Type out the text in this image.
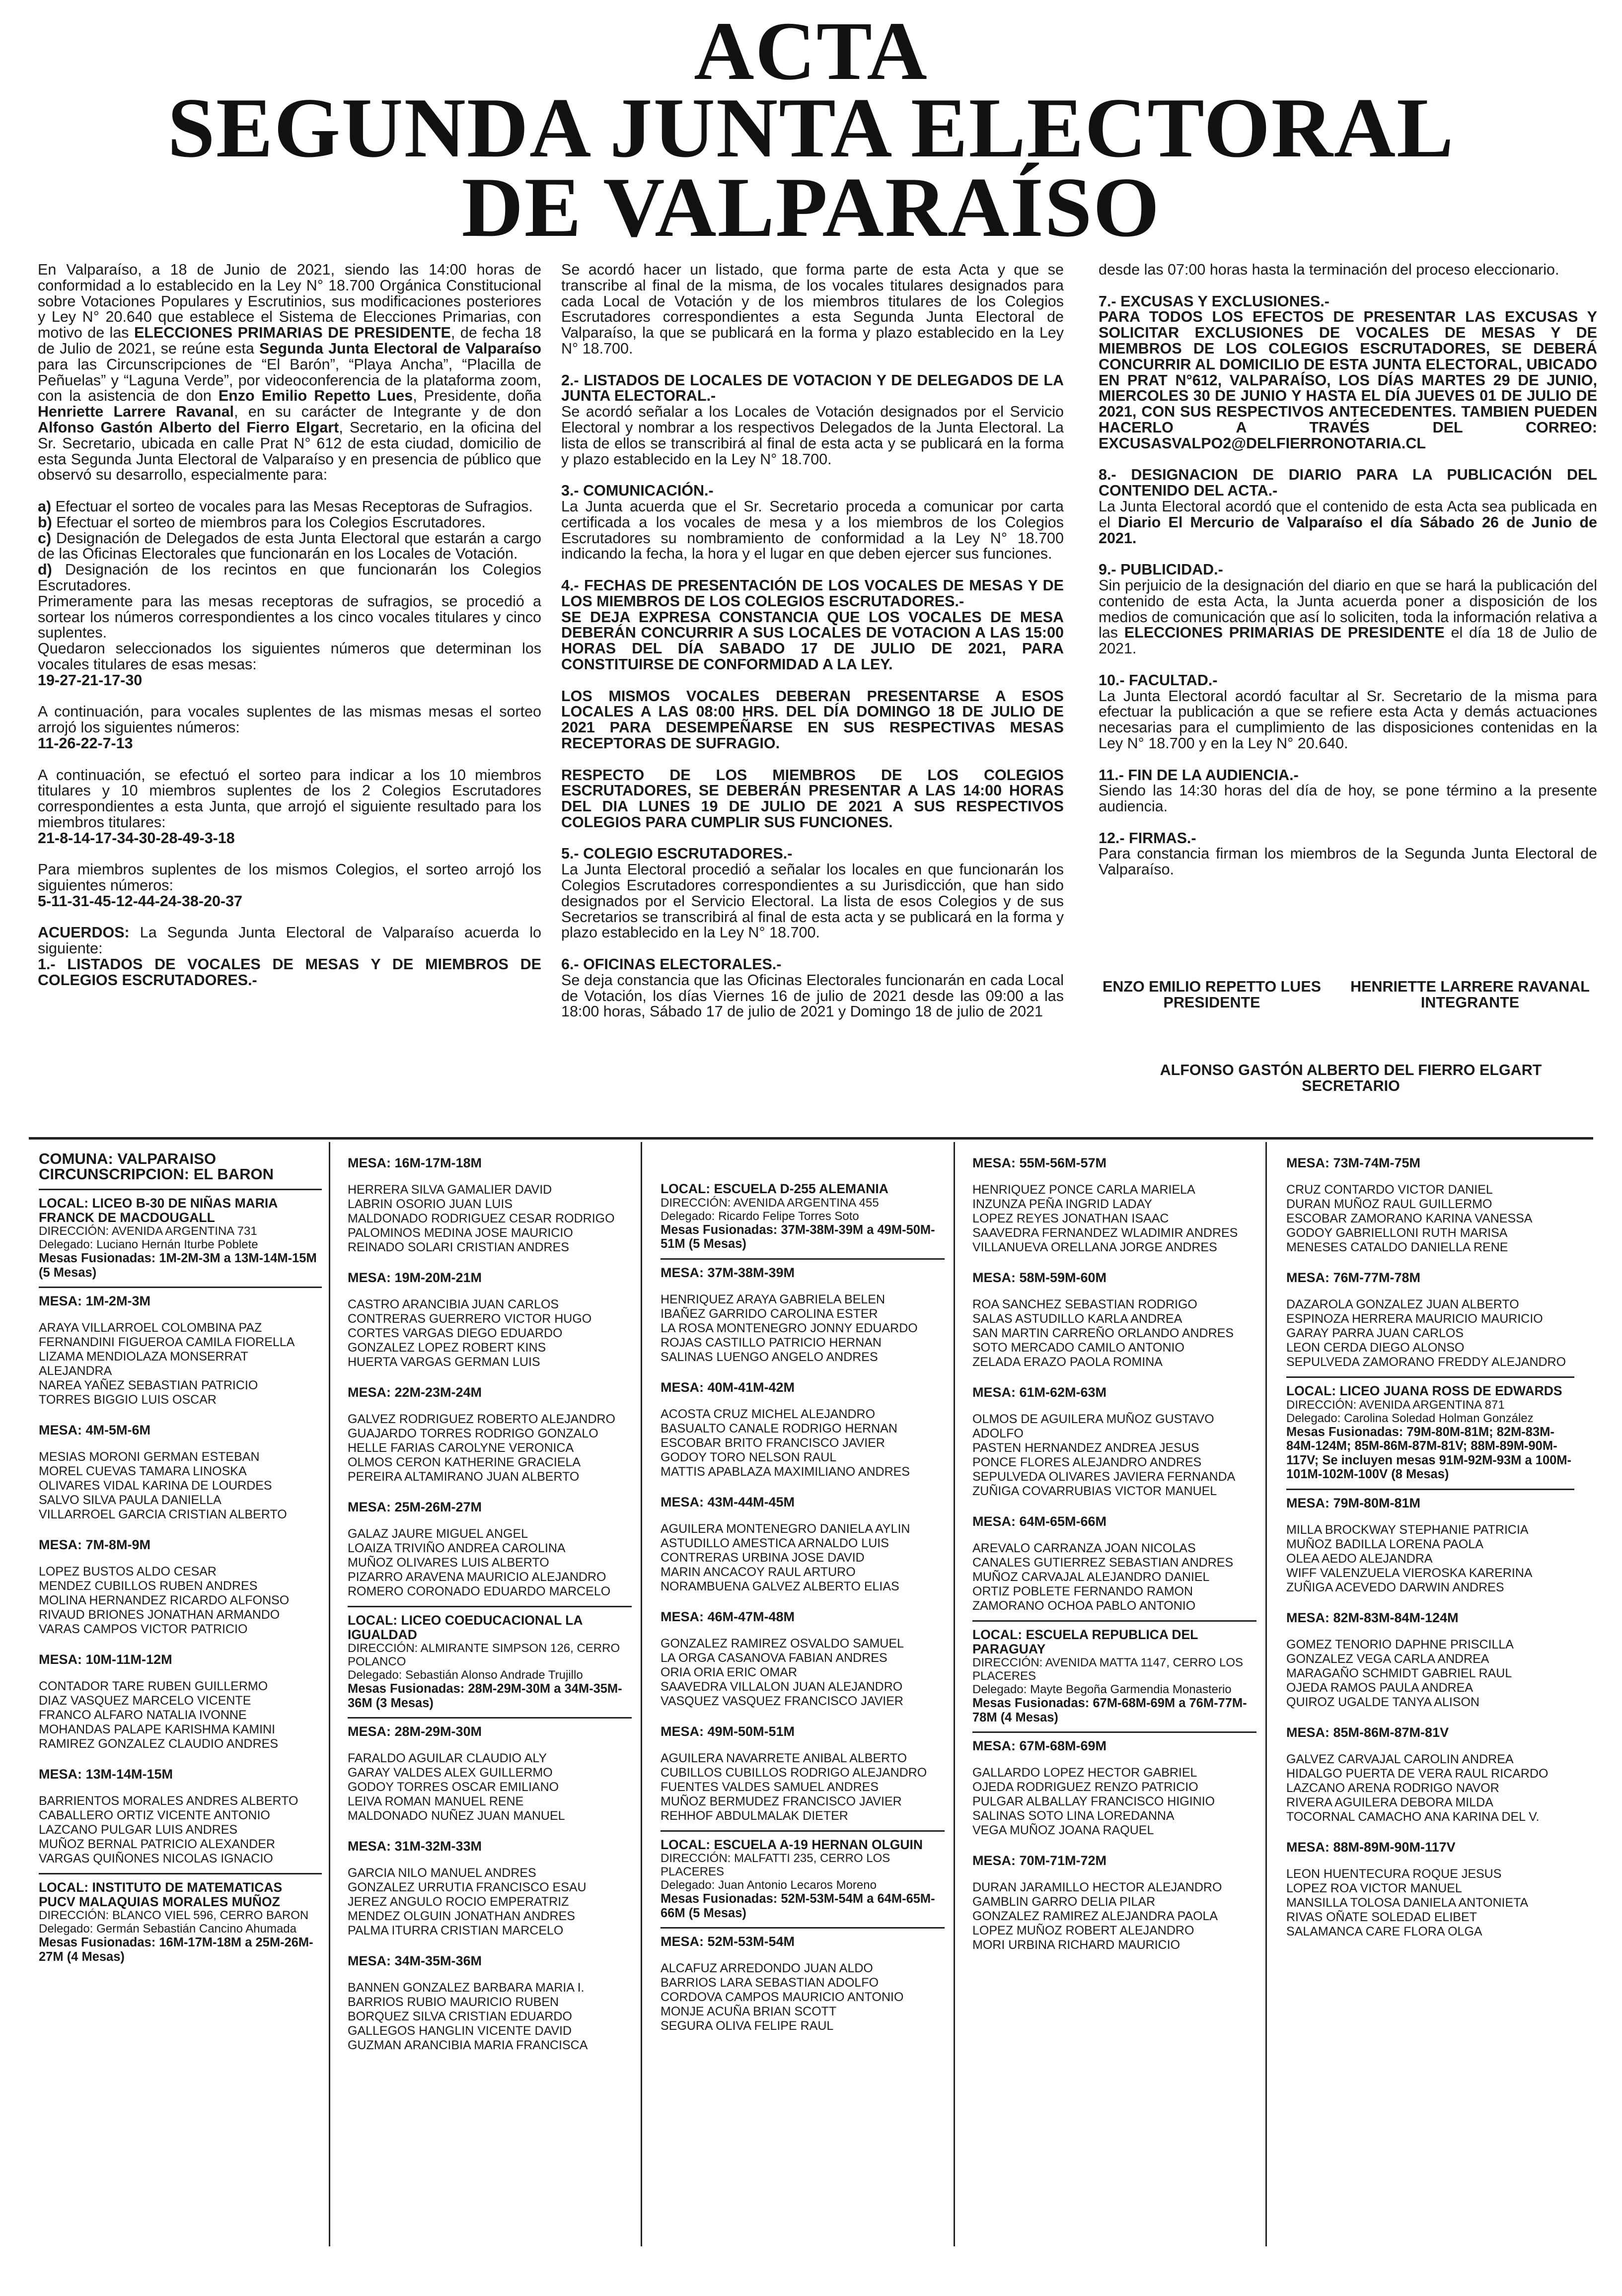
ACTA
SEGUNDA JUNTA ELECTORAL
DE VALPARAÍSO
En Valparaíso, a 18 de Junio de 2021, siendo las 14:00 horas de conformidad a lo establecido en la Ley N° 18.700 Orgánica Constitucional sobre Votaciones Populares y Escrutinios, sus modificaciones posteriores y Ley N° 20.640 que establece el Sistema de Elecciones Primarias, con motivo de las ELECCIONES PRIMARIAS DE PRESIDENTE, de fecha 18 de Julio de 2021, se reúne esta Segunda Junta Electoral de Valparaíso para las Circunscripciones de “El Barón”, “Playa Ancha”, “Placilla de Peñuelas” y “Laguna Verde”, por videoconferencia de la plataforma zoom, con la asistencia de don Enzo Emilio Repetto Lues, Presidente, doña Henriette Larrere Ravanal, en su carácter de Integrante y de don Alfonso Gastón Alberto del Fierro Elgart, Secretario, en la oficina del Sr. Secretario, ubicada en calle Prat N° 612 de esta ciudad, domicilio de esta Segunda Junta Electoral de Valparaíso y en presencia de público que observó su desarrollo, especialmente para:
a) Efectuar el sorteo de vocales para las Mesas Receptoras de Sufragios.
b) Efectuar el sorteo de miembros para los Colegios Escrutadores.
c) Designación de Delegados de esta Junta Electoral que estarán a cargo de las Oficinas Electorales que funcionarán en los Locales de Votación.
d) Designación de los recintos en que funcionarán los Colegios Escrutadores.
Primeramente para las mesas receptoras de sufragios, se procedió a sortear los números correspondientes a los cinco vocales titulares y cinco suplentes.
Quedaron seleccionados los siguientes números que determinan los vocales titulares de esas mesas:
19-27-21-17-30
A continuación, para vocales suplentes de las mismas mesas el sorteo arrojó los siguientes números:
11-26-22-7-13
A continuación, se efectuó el sorteo para indicar a los 10 miembros titulares y 10 miembros suplentes de los 2 Colegios Escrutadores correspondientes a esta Junta, que arrojó el siguiente resultado para los miembros titulares:
21-8-14-17-34-30-28-49-3-18
Para miembros suplentes de los mismos Colegios, el sorteo arrojó los siguientes números:
5-11-31-45-12-44-24-38-20-37
ACUERDOS: La Segunda Junta Electoral de Valparaíso acuerda lo siguiente:
1.- LISTADOS DE VOCALES DE MESAS Y DE MIEMBROS DE COLEGIOS ESCRUTADORES.-
Se acordó hacer un listado, que forma parte de esta Acta y que se transcribe al final de la misma, de los vocales titulares designados para cada Local de Votación y de los miembros titulares de los Colegios Escrutadores correspondientes a esta Segunda Junta Electoral de Valparaíso, la que se publicará en la forma y plazo establecido en la Ley N° 18.700.
2.- LISTADOS DE LOCALES DE VOTACION Y DE DELEGADOS DE LA JUNTA ELECTORAL.-
Se acordó señalar a los Locales de Votación designados por el Servicio Electoral y nombrar a los respectivos Delegados de la Junta Electoral. La lista de ellos se transcribirá al final de esta acta y se publicará en la forma y plazo establecido en la Ley N° 18.700.
3.- COMUNICACIÓN.-
La Junta acuerda que el Sr. Secretario proceda a comunicar por carta certificada a los vocales de mesa y a los miembros de los Colegios Escrutadores su nombramiento de conformidad a la Ley N° 18.700 indicando la fecha, la hora y el lugar en que deben ejercer sus funciones.
4.- FECHAS DE PRESENTACIÓN DE LOS VOCALES DE MESAS Y DE LOS MIEMBROS DE LOS COLEGIOS ESCRUTADORES.-
SE DEJA EXPRESA CONSTANCIA QUE LOS VOCALES DE MESA DEBERÁN CONCURRIR A SUS LOCALES DE VOTACION A LAS 15:00 HORAS DEL DÍA SABADO 17 DE JULIO DE 2021, PARA CONSTITUIRSE DE CONFORMIDAD A LA LEY.
LOS MISMOS VOCALES DEBERAN PRESENTARSE A ESOS LOCALES A LAS 08:00 HRS. DEL DÍA DOMINGO 18 DE JULIO DE 2021 PARA DESEMPEÑARSE EN SUS RESPECTIVAS MESAS RECEPTORAS DE SUFRAGIO.
RESPECTO DE LOS MIEMBROS DE LOS COLEGIOS ESCRUTADORES, SE DEBERÁN PRESENTAR A LAS 14:00 HORAS DEL DIA LUNES 19 DE JULIO DE 2021 A SUS RESPECTIVOS COLEGIOS PARA CUMPLIR SUS FUNCIONES.
5.- COLEGIO ESCRUTADORES.-
La Junta Electoral procedió a señalar los locales en que funcionarán los Colegios Escrutadores correspondientes a su Jurisdicción, que han sido designados por el Servicio Electoral. La lista de esos Colegios y de sus Secretarios se transcribirá al final de esta acta y se publicará en la forma y plazo establecido en la Ley N° 18.700.
6.- OFICINAS ELECTORALES.-
Se deja constancia que las Oficinas Electorales funcionarán en cada Local de Votación, los días Viernes 16 de julio de 2021 desde las 09:00 a las 18:00 horas, Sábado 17 de julio de 2021 y Domingo 18 de julio de 2021
desde las 07:00 horas hasta la terminación del proceso eleccionario.
7.- EXCUSAS Y EXCLUSIONES.-
PARA TODOS LOS EFECTOS DE PRESENTAR LAS EXCUSAS Y SOLICITAR EXCLUSIONES DE VOCALES DE MESAS Y DE MIEMBROS DE LOS COLEGIOS ESCRUTADORES, SE DEBERÁ CONCURRIR AL DOMICILIO DE ESTA JUNTA ELECTORAL, UBICADO EN PRAT N°612, VALPARAÍSO, LOS DÍAS MARTES 29 DE JUNIO, MIERCOLES 30 DE JUNIO Y HASTA EL DÍA JUEVES 01 DE JULIO DE 2021, CON SUS RESPECTIVOS ANTECEDENTES. TAMBIEN PUEDEN HACERLO A TRAVÉS DEL CORREO: EXCUSASVALPO2@DELFIERRONOTARIA.CL
8.- DESIGNACION DE DIARIO PARA LA PUBLICACIÓN DEL CONTENIDO DEL ACTA.-
La Junta Electoral acordó que el contenido de esta Acta sea publicada en el Diario El Mercurio de Valparaíso el día Sábado 26 de Junio de 2021.
9.- PUBLICIDAD.-
Sin perjuicio de la designación del diario en que se hará la publicación del contenido de esta Acta, la Junta acuerda poner a disposición de los medios de comunicación que así lo soliciten, toda la información relativa a las ELECCIONES PRIMARIAS DE PRESIDENTE el día 18 de Julio de 2021.
10.- FACULTAD.-
La Junta Electoral acordó facultar al Sr. Secretario de la misma para efectuar la publicación a que se refiere esta Acta y demás actuaciones necesarias para el cumplimiento de las disposiciones contenidas en la Ley N° 18.700 y en la Ley N° 20.640.
11.- FIN DE LA AUDIENCIA.-
Siendo las 14:30 horas del día de hoy, se pone término a la presente audiencia.
12.- FIRMAS.-
Para constancia firman los miembros de la Segunda Junta Electoral de Valparaíso.
ENZO EMILIO REPETTO LUES
PRESIDENTE
HENRIETTE LARRERE RAVANAL
INTEGRANTE
ALFONSO GASTÓN ALBERTO DEL FIERRO ELGART
SECRETARIO
COMUNA: VALPARAISO
CIRCUNSCRIPCION: EL BARON
LOCAL: LICEO B-30 DE NIÑAS MARIA FRANCK DE MACDOUGALL
DIRECCIÓN: AVENIDA ARGENTINA 731
Delegado: Luciano Hernán Iturbe Poblete
Mesas Fusionadas: 1M-2M-3M a 13M-14M-15M (5 Mesas)
MESA: 1M-2M-3M
ARAYA VILLARROEL COLOMBINA PAZ
FERNANDINI FIGUEROA CAMILA FIORELLA
LIZAMA MENDIOLAZA MONSERRAT ALEJANDRA
NAREA YAÑEZ SEBASTIAN PATRICIO
TORRES BIGGIO LUIS OSCAR
MESA: 4M-5M-6M
MESIAS MORONI GERMAN ESTEBAN
MOREL CUEVAS TAMARA LINOSKA
OLIVARES VIDAL KARINA DE LOURDES
SALVO SILVA PAULA DANIELLA
VILLARROEL GARCIA CRISTIAN ALBERTO
MESA: 7M-8M-9M
LOPEZ BUSTOS ALDO CESAR
MENDEZ CUBILLOS RUBEN ANDRES
MOLINA HERNANDEZ RICARDO ALFONSO
RIVAUD BRIONES JONATHAN ARMANDO
VARAS CAMPOS VICTOR PATRICIO
MESA: 10M-11M-12M
CONTADOR TARE RUBEN GUILLERMO
DIAZ VASQUEZ MARCELO VICENTE
FRANCO ALFARO NATALIA IVONNE
MOHANDAS PALAPE KARISHMA KAMINI
RAMIREZ GONZALEZ CLAUDIO ANDRES
MESA: 13M-14M-15M
BARRIENTOS MORALES ANDRES ALBERTO
CABALLERO ORTIZ VICENTE ANTONIO
LAZCANO PULGAR LUIS ANDRES
MUÑOZ BERNAL PATRICIO ALEXANDER
VARGAS QUIÑONES NICOLAS IGNACIO
LOCAL: INSTITUTO DE MATEMATICAS PUCV MALAQUIAS MORALES MUÑOZ
DIRECCIÓN: BLANCO VIEL 596, CERRO BARON
Delegado: Germán Sebastián Cancino Ahumada
Mesas Fusionadas: 16M-17M-18M a 25M-26M-27M (4 Mesas)
MESA: 16M-17M-18M
HERRERA SILVA GAMALIER DAVID
LABRIN OSORIO JUAN LUIS
MALDONADO RODRIGUEZ CESAR RODRIGO
PALOMINOS MEDINA JOSE MAURICIO
REINADO SOLARI CRISTIAN ANDRES
MESA: 19M-20M-21M
CASTRO ARANCIBIA JUAN CARLOS
CONTRERAS GUERRERO VICTOR HUGO
CORTES VARGAS DIEGO EDUARDO
GONZALEZ LOPEZ ROBERT KINS
HUERTA VARGAS GERMAN LUIS
MESA: 22M-23M-24M
GALVEZ RODRIGUEZ ROBERTO ALEJANDRO
GUAJARDO TORRES RODRIGO GONZALO
HELLE FARIAS CAROLYNE VERONICA
OLMOS CERON KATHERINE GRACIELA
PEREIRA ALTAMIRANO JUAN ALBERTO
MESA: 25M-26M-27M
GALAZ JAURE MIGUEL ANGEL
LOAIZA TRIVIÑO ANDREA CAROLINA
MUÑOZ OLIVARES LUIS ALBERTO
PIZARRO ARAVENA MAURICIO ALEJANDRO
ROMERO CORONADO EDUARDO MARCELO
LOCAL: LICEO COEDUCACIONAL LA IGUALDAD
DIRECCIÓN: ALMIRANTE SIMPSON 126, CERRO POLANCO
Delegado: Sebastián Alonso Andrade Trujillo
Mesas Fusionadas: 28M-29M-30M a 34M-35M-36M (3 Mesas)
MESA: 28M-29M-30M
FARALDO AGUILAR CLAUDIO ALY
GARAY VALDES ALEX GUILLERMO
GODOY TORRES OSCAR EMILIANO
LEIVA ROMAN MANUEL RENE
MALDONADO NUÑEZ JUAN MANUEL
MESA: 31M-32M-33M
GARCIA NILO MANUEL ANDRES
GONZALEZ URRUTIA FRANCISCO ESAU
JEREZ ANGULO ROCIO EMPERATRIZ
MENDEZ OLGUIN JONATHAN ANDRES
PALMA ITURRA CRISTIAN MARCELO
MESA: 34M-35M-36M
BANNEN GONZALEZ BARBARA MARIA I.
BARRIOS RUBIO MAURICIO RUBEN
BORQUEZ SILVA CRISTIAN EDUARDO
GALLEGOS HANGLIN VICENTE DAVID
GUZMAN ARANCIBIA MARIA FRANCISCA
LOCAL: ESCUELA D-255 ALEMANIA
DIRECCIÓN: AVENIDA ARGENTINA 455
Delegado: Ricardo Felipe Torres Soto
Mesas Fusionadas: 37M-38M-39M a 49M-50M-51M (5 Mesas)
MESA: 37M-38M-39M
HENRIQUEZ ARAYA GABRIELA BELEN
IBAÑEZ GARRIDO CAROLINA ESTER
LA ROSA MONTENEGRO JONNY EDUARDO
ROJAS CASTILLO PATRICIO HERNAN
SALINAS LUENGO ANGELO ANDRES
MESA: 40M-41M-42M
ACOSTA CRUZ MICHEL ALEJANDRO
BASUALTO CANALE RODRIGO HERNAN
ESCOBAR BRITO FRANCISCO JAVIER
GODOY TORO NELSON RAUL
MATTIS APABLAZA MAXIMILIANO ANDRES
MESA: 43M-44M-45M
AGUILERA MONTENEGRO DANIELA AYLIN
ASTUDILLO AMESTICA ARNALDO LUIS
CONTRERAS URBINA JOSE DAVID
MARIN ANCACOY RAUL ARTURO
NORAMBUENA GALVEZ ALBERTO ELIAS
MESA: 46M-47M-48M
GONZALEZ RAMIREZ OSVALDO SAMUEL
LA ORGA CASANOVA FABIAN ANDRES
ORIA ORIA ERIC OMAR
SAAVEDRA VILLALON JUAN ALEJANDRO
VASQUEZ VASQUEZ FRANCISCO JAVIER
MESA: 49M-50M-51M
AGUILERA NAVARRETE ANIBAL ALBERTO
CUBILLOS CUBILLOS RODRIGO ALEJANDRO
FUENTES VALDES SAMUEL ANDRES
MUÑOZ BERMUDEZ FRANCISCO JAVIER
REHHOF ABDULMALAK DIETER
LOCAL: ESCUELA A-19 HERNAN OLGUIN
DIRECCIÓN: MALFATTI 235, CERRO LOS PLACERES
Delegado: Juan Antonio Lecaros Moreno
Mesas Fusionadas: 52M-53M-54M a 64M-65M-66M (5 Mesas)
MESA: 52M-53M-54M
ALCAFUZ ARREDONDO JUAN ALDO
BARRIOS LARA SEBASTIAN ADOLFO
CORDOVA CAMPOS MAURICIO ANTONIO
MONJE ACUÑA BRIAN SCOTT
SEGURA OLIVA FELIPE RAUL
MESA: 55M-56M-57M
HENRIQUEZ PONCE CARLA MARIELA
INZUNZA PEÑA INGRID LADAY
LOPEZ REYES JONATHAN ISAAC
SAAVEDRA FERNANDEZ WLADIMIR ANDRES
VILLANUEVA ORELLANA JORGE ANDRES
MESA: 58M-59M-60M
ROA SANCHEZ SEBASTIAN RODRIGO
SALAS ASTUDILLO KARLA ANDREA
SAN MARTIN CARREÑO ORLANDO ANDRES
SOTO MERCADO CAMILO ANTONIO
ZELADA ERAZO PAOLA ROMINA
MESA: 61M-62M-63M
OLMOS DE AGUILERA MUÑOZ GUSTAVO ADOLFO
PASTEN HERNANDEZ ANDREA JESUS
PONCE FLORES ALEJANDRO ANDRES
SEPULVEDA OLIVARES JAVIERA FERNANDA
ZUÑIGA COVARRUBIAS VICTOR MANUEL
MESA: 64M-65M-66M
AREVALO CARRANZA JOAN NICOLAS
CANALES GUTIERREZ SEBASTIAN ANDRES
MUÑOZ CARVAJAL ALEJANDRO DANIEL
ORTIZ POBLETE FERNANDO RAMON
ZAMORANO OCHOA PABLO ANTONIO
LOCAL: ESCUELA REPUBLICA DEL PARAGUAY
DIRECCIÓN: AVENIDA MATTA 1147, CERRO LOS PLACERES
Delegado: Mayte Begoña Garmendia Monasterio
Mesas Fusionadas: 67M-68M-69M a 76M-77M-78M (4 Mesas)
MESA: 67M-68M-69M
GALLARDO LOPEZ HECTOR GABRIEL
OJEDA RODRIGUEZ RENZO PATRICIO
PULGAR ALBALLAY FRANCISCO HIGINIO
SALINAS SOTO LINA LOREDANNA
VEGA MUÑOZ JOANA RAQUEL
MESA: 70M-71M-72M
DURAN JARAMILLO HECTOR ALEJANDRO
GAMBLIN GARRO DELIA PILAR
GONZALEZ RAMIREZ ALEJANDRA PAOLA
LOPEZ MUÑOZ ROBERT ALEJANDRO
MORI URBINA RICHARD MAURICIO
MESA: 73M-74M-75M
CRUZ CONTARDO VICTOR DANIEL
DURAN MUÑOZ RAUL GUILLERMO
ESCOBAR ZAMORANO KARINA VANESSA
GODOY GABRIELLONI RUTH MARISA
MENESES CATALDO DANIELLA RENE
MESA: 76M-77M-78M
DAZAROLA GONZALEZ JUAN ALBERTO
ESPINOZA HERRERA MAURICIO MAURICIO
GARAY PARRA JUAN CARLOS
LEON CERDA DIEGO ALONSO
SEPULVEDA ZAMORANO FREDDY ALEJANDRO
LOCAL: LICEO JUANA ROSS DE EDWARDS
DIRECCIÓN: AVENIDA ARGENTINA 871
Delegado: Carolina Soledad Holman González
Mesas Fusionadas: 79M-80M-81M; 82M-83M-84M-124M; 85M-86M-87M-81V; 88M-89M-90M-117V; Se incluyen mesas 91M-92M-93M a 100M-101M-102M-100V (8 Mesas)
MESA: 79M-80M-81M
MILLA BROCKWAY STEPHANIE PATRICIA
MUÑOZ BADILLA LORENA PAOLA
OLEA AEDO ALEJANDRA
WIFF VALENZUELA VIEROSKA KARERINA
ZUÑIGA ACEVEDO DARWIN ANDRES
MESA: 82M-83M-84M-124M
GOMEZ TENORIO DAPHNE PRISCILLA
GONZALEZ VEGA CARLA ANDREA
MARAGAÑO SCHMIDT GABRIEL RAUL
OJEDA RAMOS PAULA ANDREA
QUIROZ UGALDE TANYA ALISON
MESA: 85M-86M-87M-81V
GALVEZ CARVAJAL CAROLIN ANDREA
HIDALGO PUERTA DE VERA RAUL RICARDO
LAZCANO ARENA RODRIGO NAVOR
RIVERA AGUILERA DEBORA MILDA
TOCORNAL CAMACHO ANA KARINA DEL V.
MESA: 88M-89M-90M-117V
LEON HUENTECURA ROQUE JESUS
LOPEZ ROA VICTOR MANUEL
MANSILLA TOLOSA DANIELA ANTONIETA
RIVAS OÑATE SOLEDAD ELIBET
SALAMANCA CARE FLORA OLGA
